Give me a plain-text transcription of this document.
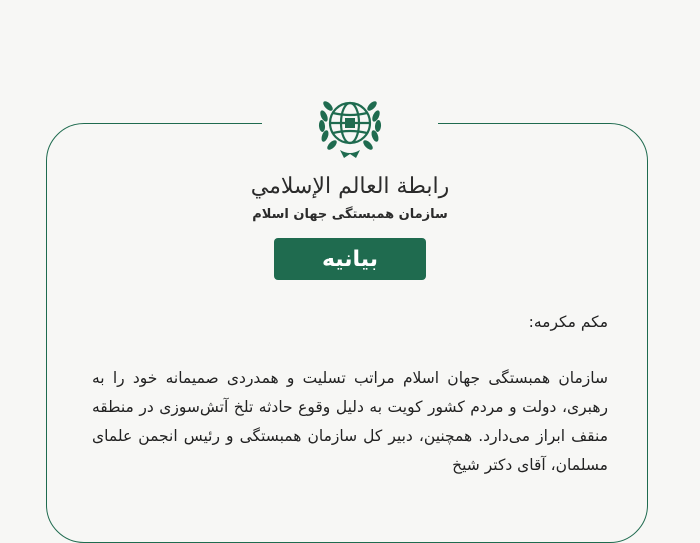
رابطة العالم الإسلامي
سازمان همبستگی جهان اسلام
بیانیه

مکم مکرمه:

سازمان همبستگی جهان اسلام مراتب تسلیت و همدردی صمیمانه خود را به رهبری، دولت و مردم کشور کویت به دلیل وقوع حادثه تلخ آتش‌سوزی در منطقه منقف ابراز می‌دارد. همچنین، دبیر کل سازمان همبستگی و رئیس انجمن علمای مسلمان، آقای دکتر شیخ
